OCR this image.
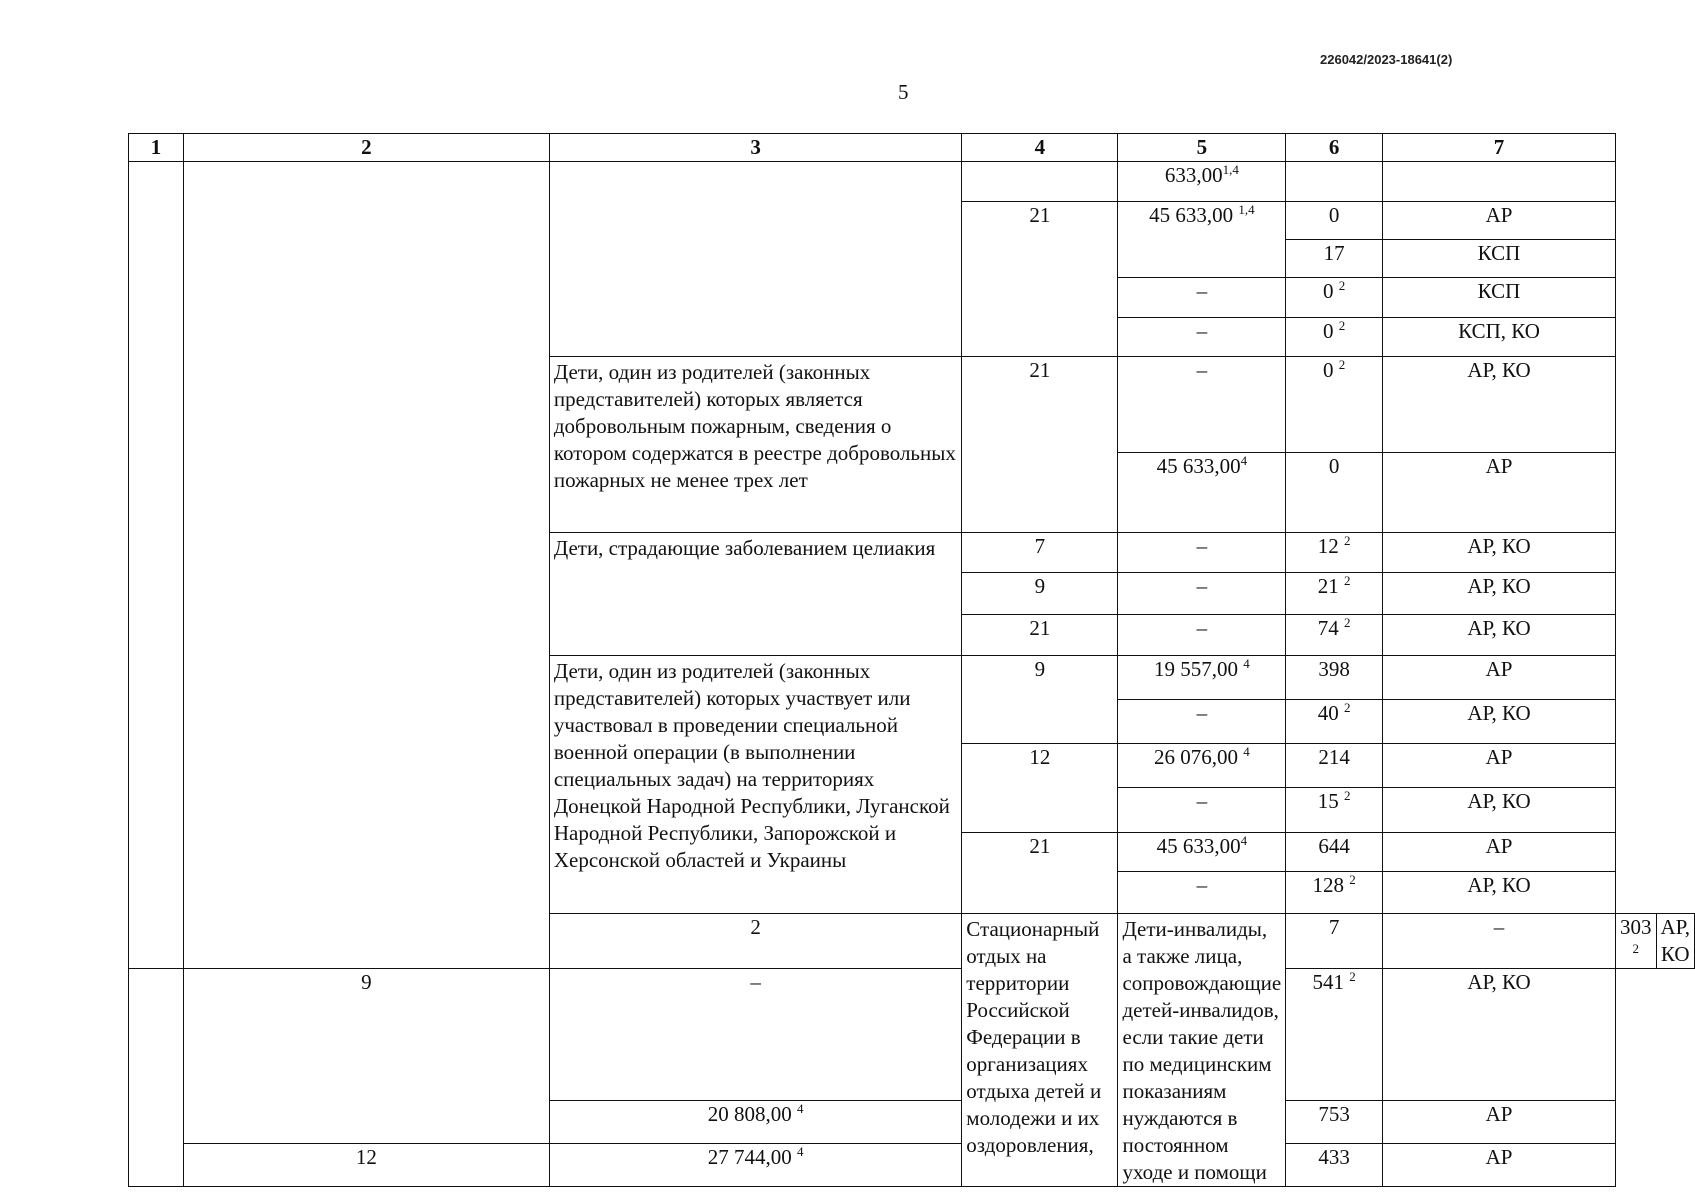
226042/2023-18641(2)
5
1	2	3	4	5	6	7		
				633,00$^{1,4}$		
			21	45 633,00 $^{1,4}$	0	АР		
					17	КСП		
				–	0 $^2$	КСП		
				–	0 $^2$	КСП, КО		
		Дети, один из родителей (законных представителей) которых является добровольным пожарным, сведения о котором содержатся в реестре добровольных пожарных не менее трех лет	21	–	0 $^2$	АР, КО		
				45 633,00$^4$	0	АР		
		Дети, страдающие заболеванием целиакия	7	–	12 $^2$	АР, КО		
			9	–	21 $^2$	АР, КО		
			21	–	74 $^2$	АР, КО		
		Дети, один из родителей (законных представителей) которых участвует или участвовал в проведении специальной военной операции (в выполнении специальных задач) на территориях Донецкой Народной Республики, Луганской Народной Республики, Запорожской и Херсонской областей и Украины	9	19 557,00 $^4$	398	АР		
				–	40 $^2$	АР, КО		
			12	26 076,00 $^4$	214	АР		
				–	15 $^2$	АР, КО		
			21	45 633,00$^4$	644	АР		
				–	128 $^2$	АР, КО		
		2	Стационарный отдых на территории Российской Федерации в организациях отдыха детей и молодежи и их оздоровления,	Дети-инвалиды, а также лица, сопровождающие детей-инвалидов, если такие дети по медицинским показаниям нуждаются в постоянном уходе и помощи	7	–	303 $^2$	АР, КО
	9	–			541 $^2$	АР, КО		
		20 808,00 $^4$			753	АР		
	12	27 744,00 $^4$			433	АР		
